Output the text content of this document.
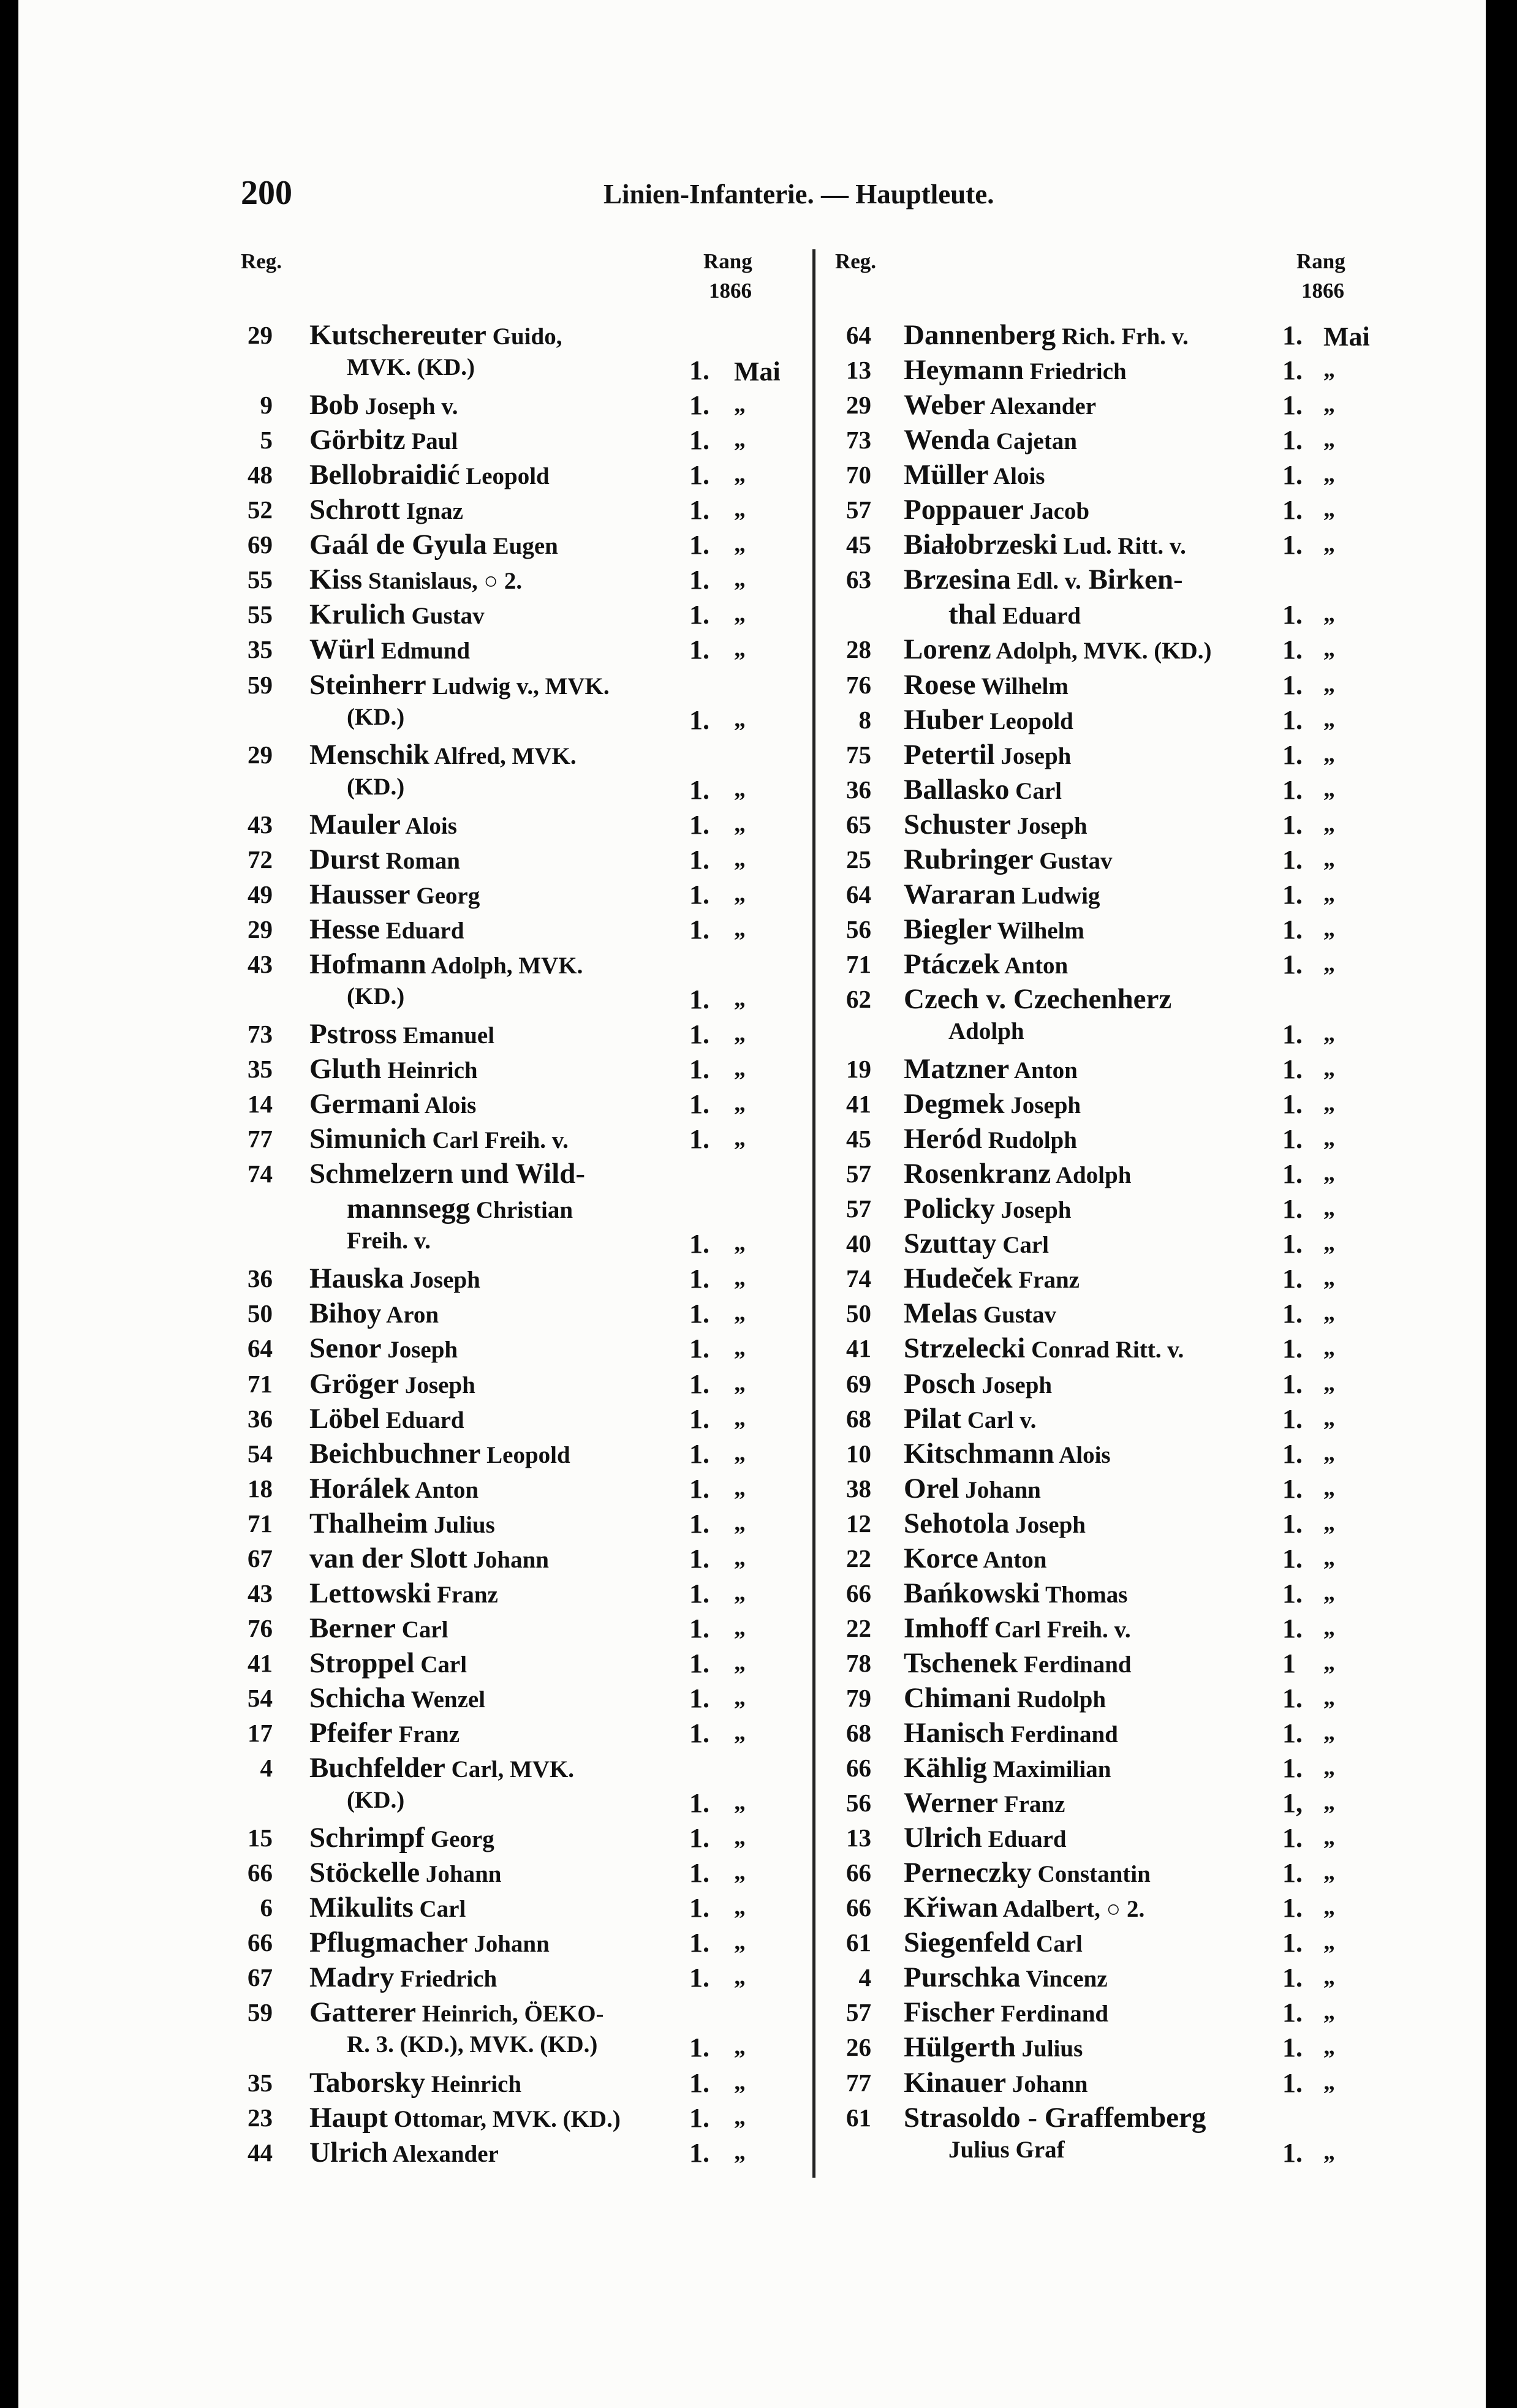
200	Linien-Infanterie. — Hauptleute.
Reg.	Rang
1866
Reg.	Rang
1866
29 Kutschereuter Guido,
MVK. (KD.)	1. Mai
9 Bob Joseph v.	1. „
5 Görbitz Paul	1. „
48 Bellobraidić Leopold	1. „
52 Schrott Ignaz	1. „
69 Gaál de Gyula Eugen	1. „
55 Kiss Stanislaus, ○ 2.	1. „
55 Krulich Gustav	1. „
35 Würl Edmund	1. „
59 Steinherr Ludwig v., MVK.
(KD.)	1. „
29 Menschik Alfred, MVK.
(KD.)	1. „
43 Mauler Alois	1. „
72 Durst Roman	1. „
49 Hausser Georg	1. „
29 Hesse Eduard	1. „
43 Hofmann Adolph, MVK.
(KD.)	1. „
73 Pstross Emanuel	1. „
35 Gluth Heinrich	1. „
14 Germani Alois	1. „
77 Simunich Carl Freih. v.	1. „
74 Schmelzern und Wild-
mannsegg Christian
Freih. v.	1. „
36 Hauska Joseph	1. „
50 Bihoy Aron	1. „
64 Senor Joseph	1. „
71 Gröger Joseph	1. „
36 Löbel Eduard	1. „
54 Beichbuchner Leopold	1. „
18 Horálek Anton	1. „
71 Thalheim Julius	1. „
67 van der Slott Johann	1. „
43 Lettowski Franz	1. „
76 Berner Carl	1. „
41 Stroppel Carl	1. „
54 Schicha Wenzel	1. „
17 Pfeifer Franz	1. „
4 Buchfelder Carl, MVK.
(KD.)	1. „
15 Schrimpf Georg	1. „
66 Stöckelle Johann	1. „
6 Mikulits Carl	1. „
66 Pflugmacher Johann	1. „
67 Madry Friedrich	1. „
59 Gatterer Heinrich, ÖEKO-
R. 3. (KD.), MVK. (KD.)	1. „
35 Taborsky Heinrich	1. „
23 Haupt Ottomar, MVK. (KD.)	1. „
44 Ulrich Alexander	1. „
64 Dannenberg Rich. Frh. v.	1. Mai
13 Heymann Friedrich	1. „
29 Weber Alexander	1. „
73 Wenda Cajetan	1. „
70 Müller Alois	1. „
57 Poppauer Jacob	1. „
45 Białobrzeski Lud. Ritt. v.	1. „
63 Brzesina Edl. v. Birken-
thal Eduard	1. „
28 Lorenz Adolph, MVK. (KD.)	1. „
76 Roese Wilhelm	1. „
8 Huber Leopold	1. „
75 Petertil Joseph	1. „
36 Ballasko Carl	1. „
65 Schuster Joseph	1. „
25 Rubringer Gustav	1. „
64 Wararan Ludwig	1. „
56 Biegler Wilhelm	1. „
71 Ptáczek Anton	1. „
62 Czech v. Czechenherz
Adolph	1. „
19 Matzner Anton	1. „
41 Degmek Joseph	1. „
45 Heród Rudolph	1. „
57 Rosenkranz Adolph	1. „
57 Policky Joseph	1. „
40 Szuttay Carl	1. „
74 Hudeček Franz	1. „
50 Melas Gustav	1. „
41 Strzelecki Conrad Ritt. v.	1. „
69 Posch Joseph	1. „
68 Pilat Carl v.	1. „
10 Kitschmann Alois	1. „
38 Orel Johann	1. „
12 Sehotola Joseph	1. „
22 Korce Anton	1. „
66 Bańkowski Thomas	1. „
22 Imhoff Carl Freih. v.	1. „
78 Tschenek Ferdinand	1 „
79 Chimani Rudolph	1. „
68 Hanisch Ferdinand	1. „
66 Kählig Maximilian	1. „
56 Werner Franz	1, „
13 Ulrich Eduard	1. „
66 Perneczky Constantin	1. „
66 Křiwan Adalbert, ○ 2.	1. „
61 Siegenfeld Carl	1. „
4 Purschka Vincenz	1. „
57 Fischer Ferdinand	1. „
26 Hülgerth Julius	1. „
77 Kinauer Johann	1. „
61 Strasoldo - Graffemberg
Julius Graf	1. „
